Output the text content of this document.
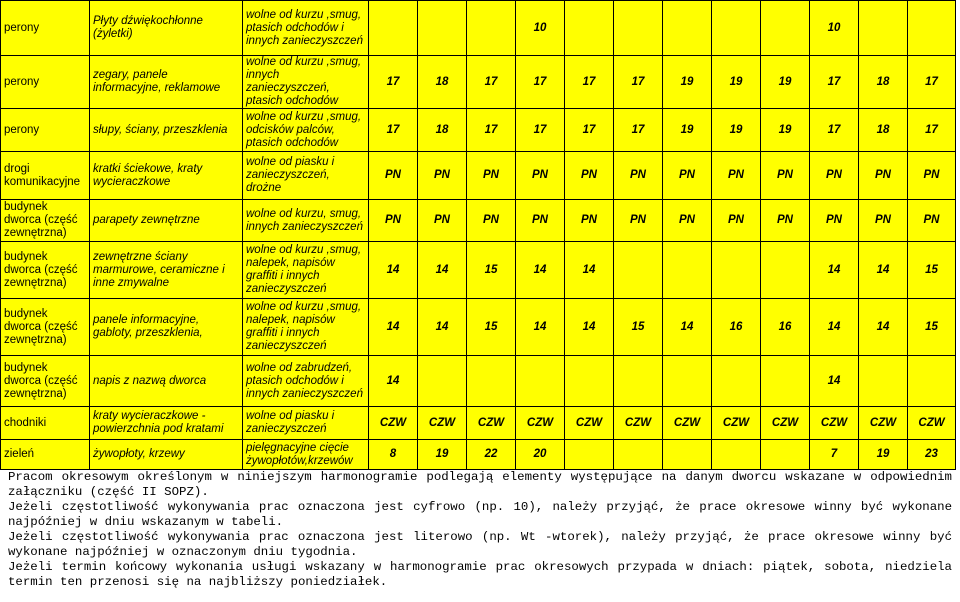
perony	Płyty dźwiękochłonne (żyletki)	wolne od kurzu ,smug, ptasich odchodów i innych zanieczyszczeń				10						10		
perony	zegary, panele informacyjne, reklamowe	wolne od kurzu ,smug, innych zanieczyszczeń, ptasich odchodów	17	18	17	17	17	17	19	19	19	17	18	17
perony	słupy, ściany, przeszklenia	wolne od kurzu ,smug, odcisków palców, ptasich odchodów	17	18	17	17	17	17	19	19	19	17	18	17
drogi komunikacyjne	kratki ściekowe, kraty wycieraczkowe	wolne od piasku i zanieczyszczeń, drożne	PN	PN	PN	PN	PN	PN	PN	PN	PN	PN	PN	PN
budynek dworca (część zewnętrzna)	parapety zewnętrzne	wolne od kurzu, smug, innych zanieczyszczeń	PN	PN	PN	PN	PN	PN	PN	PN	PN	PN	PN	PN
budynek dworca (część zewnętrzna)	zewnętrzne ściany marmurowe, ceramiczne i inne zmywalne	wolne od kurzu ,smug, nalepek, napisów graffiti i innych zanieczyszczeń	14	14	15	14	14					14	14	15
budynek dworca (część zewnętrzna)	panele informacyjne, gabloty, przeszklenia,	wolne od kurzu ,smug, nalepek, napisów graffiti i innych zanieczyszczeń	14	14	15	14	14	15	14	16	16	14	14	15
budynek dworca (część zewnętrzna)	napis z nazwą dworca	wolne od zabrudzeń, ptasich odchodów i innych zanieczyszczeń	14									14		
chodniki	kraty wycieraczkowe - powierzchnia pod kratami	wolne od piasku i zanieczyszczeń	CZW	CZW	CZW	CZW	CZW	CZW	CZW	CZW	CZW	CZW	CZW	CZW
zieleń	żywopłoty, krzewy	pielęgnacyjne cięcie żywopłotów,krzewów	8	19	22	20						7	19	23

Pracom okresowym określonym w niniejszym harmonogramie podlegają elementy występujące na danym dworcu wskazane w odpowiednim załączniku (część II SOPZ).

Jeżeli częstotliwość wykonywania prac oznaczona jest cyfrowo (np. 10), należy przyjąć, że prace okresowe winny być wykonane najpóźniej w dniu wskazanym w tabeli.

Jeżeli częstotliwość wykonywania prac oznaczona jest literowo (np. Wt -wtorek), należy przyjąć, że prace okresowe winny być wykonane najpóźniej w oznaczonym dniu tygodnia.

Jeżeli termin końcowy wykonania usługi wskazany w harmonogramie prac okresowych przypada w dniach: piątek, sobota, niedziela termin ten przenosi się na najbliższy poniedziałek.
